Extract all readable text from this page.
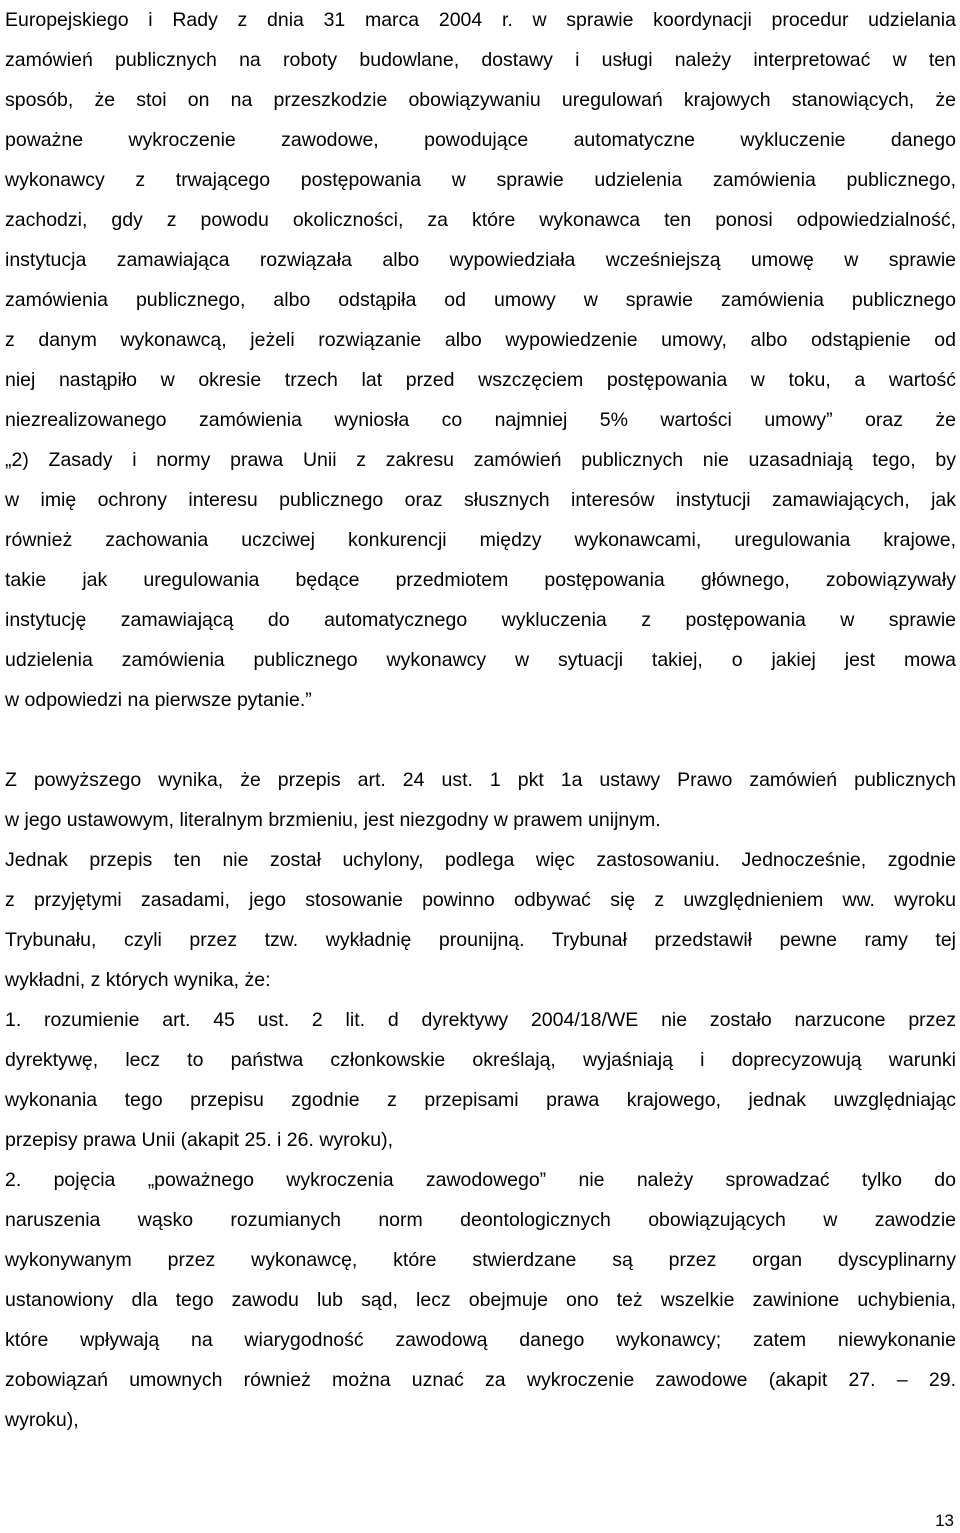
Europejskiego i Rady z dnia 31 marca 2004 r. w sprawie koordynacji procedur udzielania
zamówień publicznych na roboty budowlane, dostawy i usługi należy interpretować w ten
sposób, że stoi on na przeszkodzie obowiązywaniu uregulowań krajowych stanowiących, że
poważne wykroczenie zawodowe, powodujące automatyczne wykluczenie danego
wykonawcy z trwającego postępowania w sprawie udzielenia zamówienia publicznego,
zachodzi, gdy z powodu okoliczności, za które wykonawca ten ponosi odpowiedzialność,
instytucja zamawiająca rozwiązała albo wypowiedziała wcześniejszą umowę w sprawie
zamówienia publicznego, albo odstąpiła od umowy w sprawie zamówienia publicznego
z danym wykonawcą, jeżeli rozwiązanie albo wypowiedzenie umowy, albo odstąpienie od
niej nastąpiło w okresie trzech lat przed wszczęciem postępowania w toku, a wartość
niezrealizowanego zamówienia wyniosła co najmniej 5% wartości umowy” oraz że
„2) Zasady i normy prawa Unii z zakresu zamówień publicznych nie uzasadniają tego, by
w imię ochrony interesu publicznego oraz słusznych interesów instytucji zamawiających, jak
również zachowania uczciwej konkurencji między wykonawcami, uregulowania krajowe,
takie jak uregulowania będące przedmiotem postępowania głównego, zobowiązywały
instytucję zamawiającą do automatycznego wykluczenia z postępowania w sprawie
udzielenia zamówienia publicznego wykonawcy w sytuacji takiej, o jakiej jest mowa
w odpowiedzi na pierwsze pytanie.”
Z powyższego wynika, że przepis art. 24 ust. 1 pkt 1a ustawy Prawo zamówień publicznych
w jego ustawowym, literalnym brzmieniu, jest niezgodny w prawem unijnym.
Jednak przepis ten nie został uchylony, podlega więc zastosowaniu. Jednocześnie, zgodnie
z przyjętymi zasadami, jego stosowanie powinno odbywać się z uwzględnieniem ww. wyroku
Trybunału, czyli przez tzw. wykładnię prounijną. Trybunał przedstawił pewne ramy tej
wykładni, z których wynika, że:
1. rozumienie art. 45 ust. 2 lit. d dyrektywy 2004/18/WE nie zostało narzucone przez
dyrektywę, lecz to państwa członkowskie określają, wyjaśniają i doprecyzowują warunki
wykonania tego przepisu zgodnie z przepisami prawa krajowego, jednak uwzględniając
przepisy prawa Unii (akapit 25. i 26. wyroku),
2. pojęcia „poważnego wykroczenia zawodowego” nie należy sprowadzać tylko do
naruszenia wąsko rozumianych norm deontologicznych obowiązujących w zawodzie
wykonywanym przez wykonawcę, które stwierdzane są przez organ dyscyplinarny
ustanowiony dla tego zawodu lub sąd, lecz obejmuje ono też wszelkie zawinione uchybienia,
które wpływają na wiarygodność zawodową danego wykonawcy; zatem niewykonanie
zobowiązań umownych również można uznać za wykroczenie zawodowe (akapit 27. – 29.
wyroku),
13
